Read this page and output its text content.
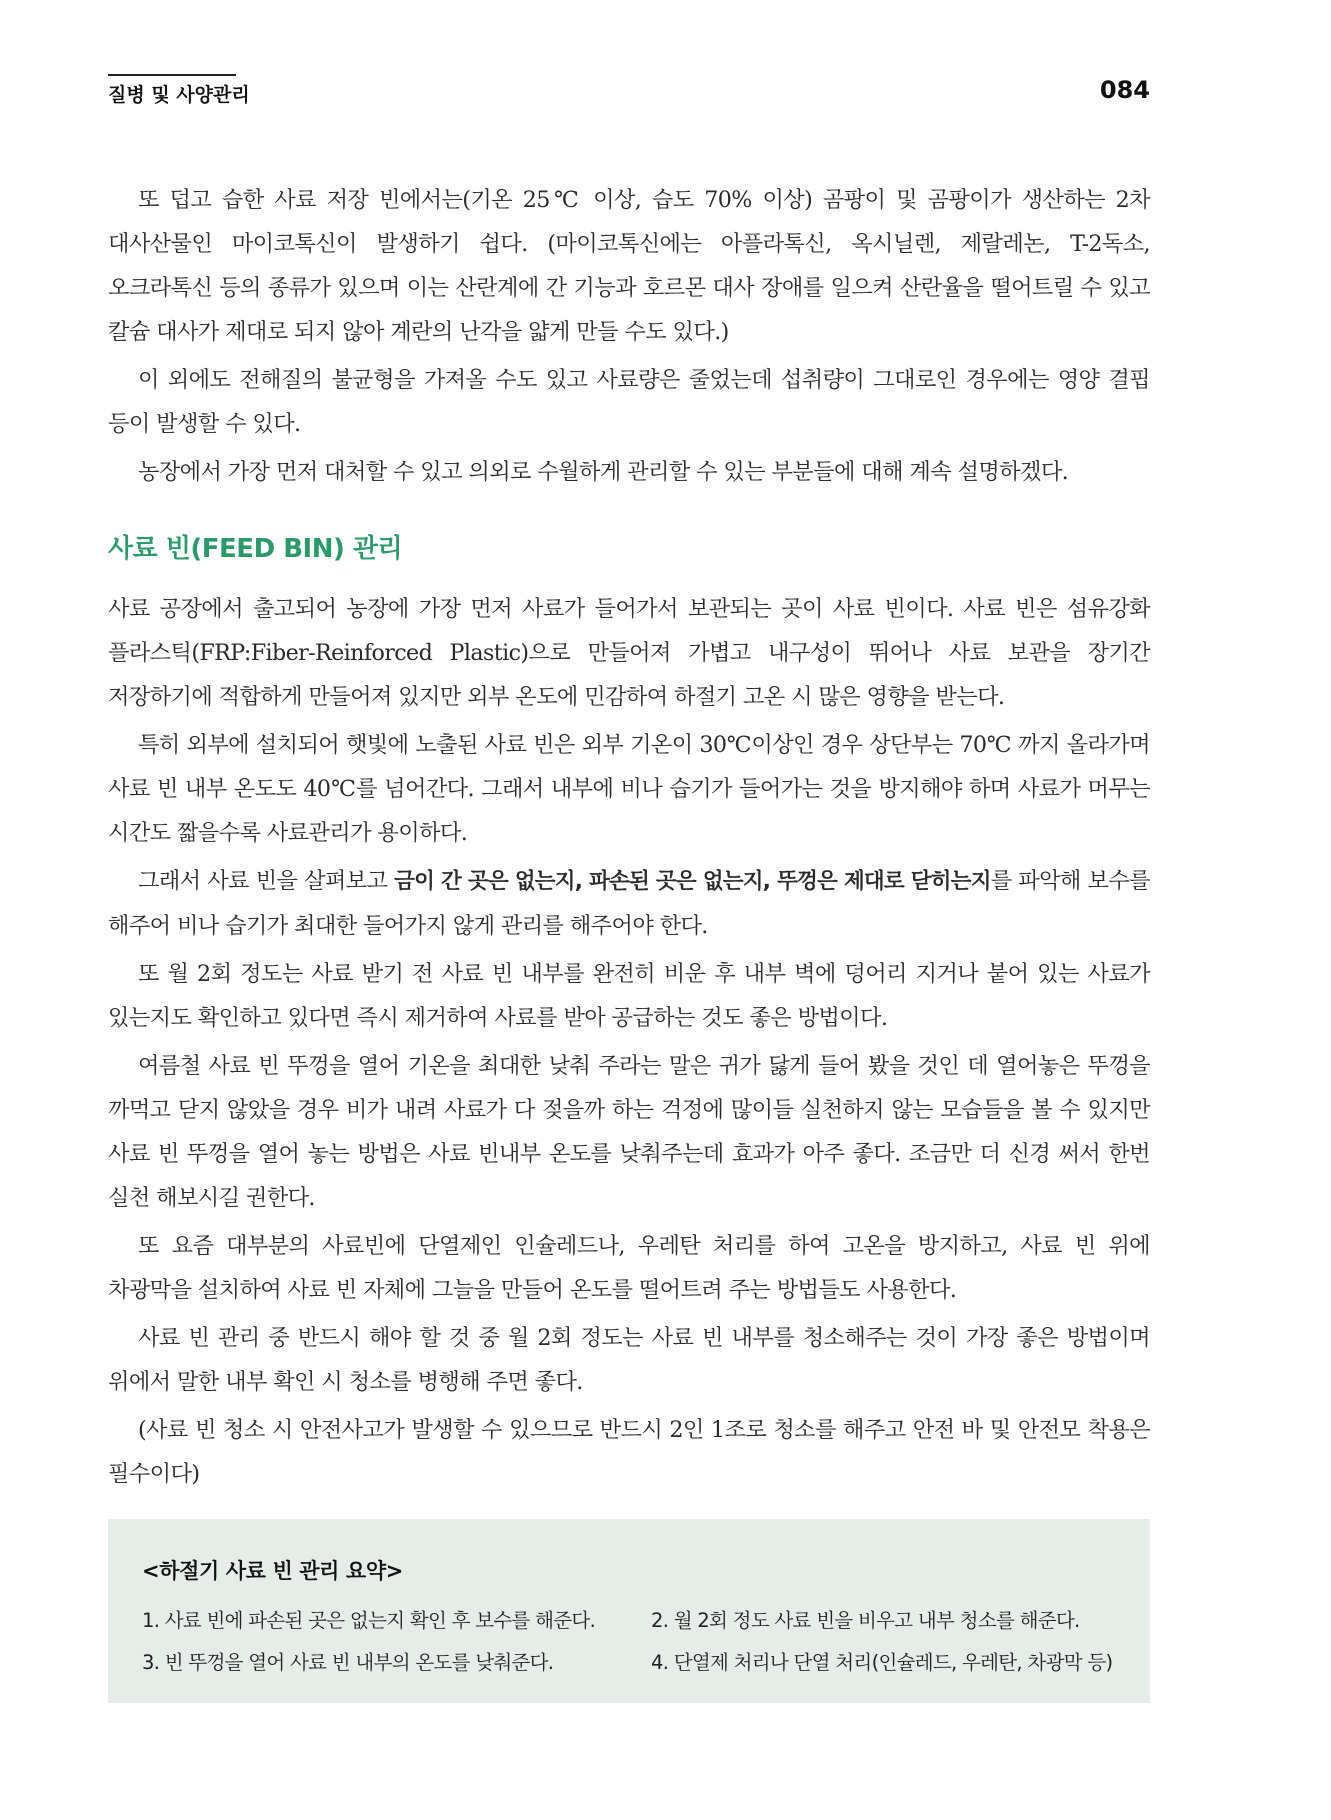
질병 및 사양관리	084

또 덥고 습한 사료 저장 빈에서는(기온 25℃ 이상, 습도 70% 이상) 곰팡이 및 곰팡이가 생산하는 2차 대사산물인 마이코톡신이 발생하기 쉽다. (마이코톡신에는 아플라톡신, 옥시닐렌, 제랄레논, T-2독소, 오크라톡신 등의 종류가 있으며 이는 산란계에 간 기능과 호르몬 대사 장애를 일으켜 산란율을 떨어트릴 수 있고 칼슘 대사가 제대로 되지 않아 계란의 난각을 얇게 만들 수도 있다.)

이 외에도 전해질의 불균형을 가져올 수도 있고 사료량은 줄었는데 섭취량이 그대로인 경우에는 영양 결핍 등이 발생할 수 있다.

농장에서 가장 먼저 대처할 수 있고 의외로 수월하게 관리할 수 있는 부분들에 대해 계속 설명하겠다.

사료 빈(FEED BIN) 관리

사료 공장에서 출고되어 농장에 가장 먼저 사료가 들어가서 보관되는 곳이 사료 빈이다. 사료 빈은 섬유강화 플라스틱(FRP:Fiber-Reinforced Plastic)으로 만들어져 가볍고 내구성이 뛰어나 사료 보관을 장기간 저장하기에 적합하게 만들어져 있지만 외부 온도에 민감하여 하절기 고온 시 많은 영향을 받는다.

특히 외부에 설치되어 햇빛에 노출된 사료 빈은 외부 기온이 30℃이상인 경우 상단부는 70℃ 까지 올라가며 사료 빈 내부 온도도 40℃를 넘어간다. 그래서 내부에 비나 습기가 들어가는 것을 방지해야 하며 사료가 머무는 시간도 짧을수록 사료관리가 용이하다.

그래서 사료 빈을 살펴보고 금이 간 곳은 없는지, 파손된 곳은 없는지, 뚜껑은 제대로 닫히는지를 파악해 보수를 해주어 비나 습기가 최대한 들어가지 않게 관리를 해주어야 한다.

또 월 2회 정도는 사료 받기 전 사료 빈 내부를 완전히 비운 후 내부 벽에 덩어리 지거나 붙어 있는 사료가 있는지도 확인하고 있다면 즉시 제거하여 사료를 받아 공급하는 것도 좋은 방법이다.

여름철 사료 빈 뚜껑을 열어 기온을 최대한 낮춰 주라는 말은 귀가 닳게 들어 봤을 것인 데 열어놓은 뚜껑을 까먹고 닫지 않았을 경우 비가 내려 사료가 다 젖을까 하는 걱정에 많이들 실천하지 않는 모습들을 볼 수 있지만 사료 빈 뚜껑을 열어 놓는 방법은 사료 빈내부 온도를 낮춰주는데 효과가 아주 좋다. 조금만 더 신경 써서 한번 실천 해보시길 권한다.

또 요즘 대부분의 사료빈에 단열제인 인슐레드나, 우레탄 처리를 하여 고온을 방지하고, 사료 빈 위에 차광막을 설치하여 사료 빈 자체에 그늘을 만들어 온도를 떨어트려 주는 방법들도 사용한다.

사료 빈 관리 중 반드시 해야 할 것 중 월 2회 정도는 사료 빈 내부를 청소해주는 것이 가장 좋은 방법이며 위에서 말한 내부 확인 시 청소를 병행해 주면 좋다.

(사료 빈 청소 시 안전사고가 발생할 수 있으므로 반드시 2인 1조로 청소를 해주고 안전 바 및 안전모 착용은 필수이다)

<하절기 사료 빈 관리 요약>
1. 사료 빈에 파손된 곳은 없는지 확인 후 보수를 해준다.	2. 월 2회 정도 사료 빈을 비우고 내부 청소를 해준다.
3. 빈 뚜껑을 열어 사료 빈 내부의 온도를 낮춰준다.	4. 단열제 처리나 단열 처리(인슐레드, 우레탄, 차광막 등)
